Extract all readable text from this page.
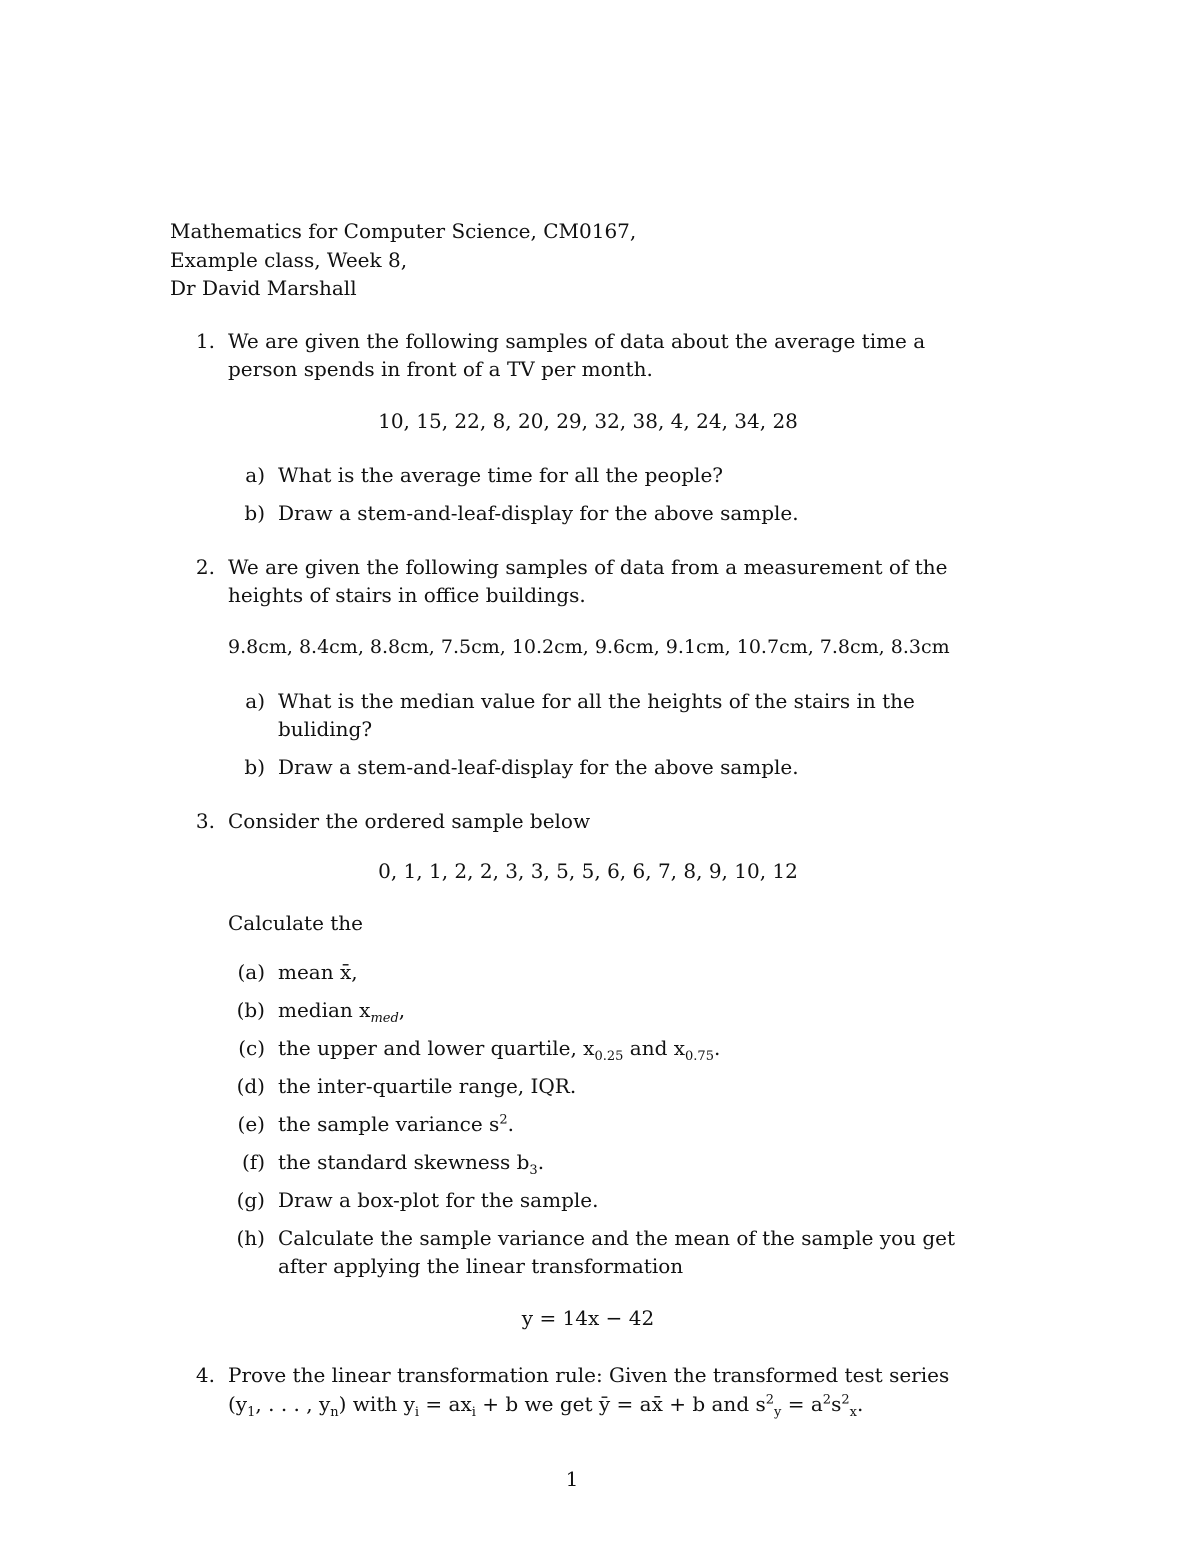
Mathematics for Computer Science, CM0167,
Example class, Week 8,
Dr David Marshall
1. We are given the following samples of data about the average time a
person spends in front of a TV per month.
10, 15, 22, 8, 20, 29, 32, 38, 4, 24, 34, 28
a) What is the average time for all the people?
b) Draw a stem-and-leaf-display for the above sample.
2. We are given the following samples of data from a measurement of the
heights of stairs in office buildings.
9.8cm, 8.4cm, 8.8cm, 7.5cm, 10.2cm, 9.6cm, 9.1cm, 10.7cm, 7.8cm, 8.3cm
a) What is the median value for all the heights of the stairs in the
buliding?
b) Draw a stem-and-leaf-display for the above sample.
3. Consider the ordered sample below
0, 1, 1, 2, 2, 3, 3, 5, 5, 6, 6, 7, 8, 9, 10, 12
Calculate the
(a) mean x̄,
(b) median $x_{med}$,
(c) the upper and lower quartile, $x_{0.25}$ and $x_{0.75}$.
(d) the inter-quartile range, IQR.
(e) the sample variance $s^2$.
(f) the standard skewness $b_3$.
(g) Draw a box-plot for the sample.
(h) Calculate the sample variance and the mean of the sample you get
after applying the linear transformation
y = 14x − 42
4. Prove the linear transformation rule: Given the transformed test series
($y_1$, . . . , $y_n$) with $y_i = ax_i + b$ we get ȳ = ax̄ + b and $s^2_y = a^2s^2_x$.
1
